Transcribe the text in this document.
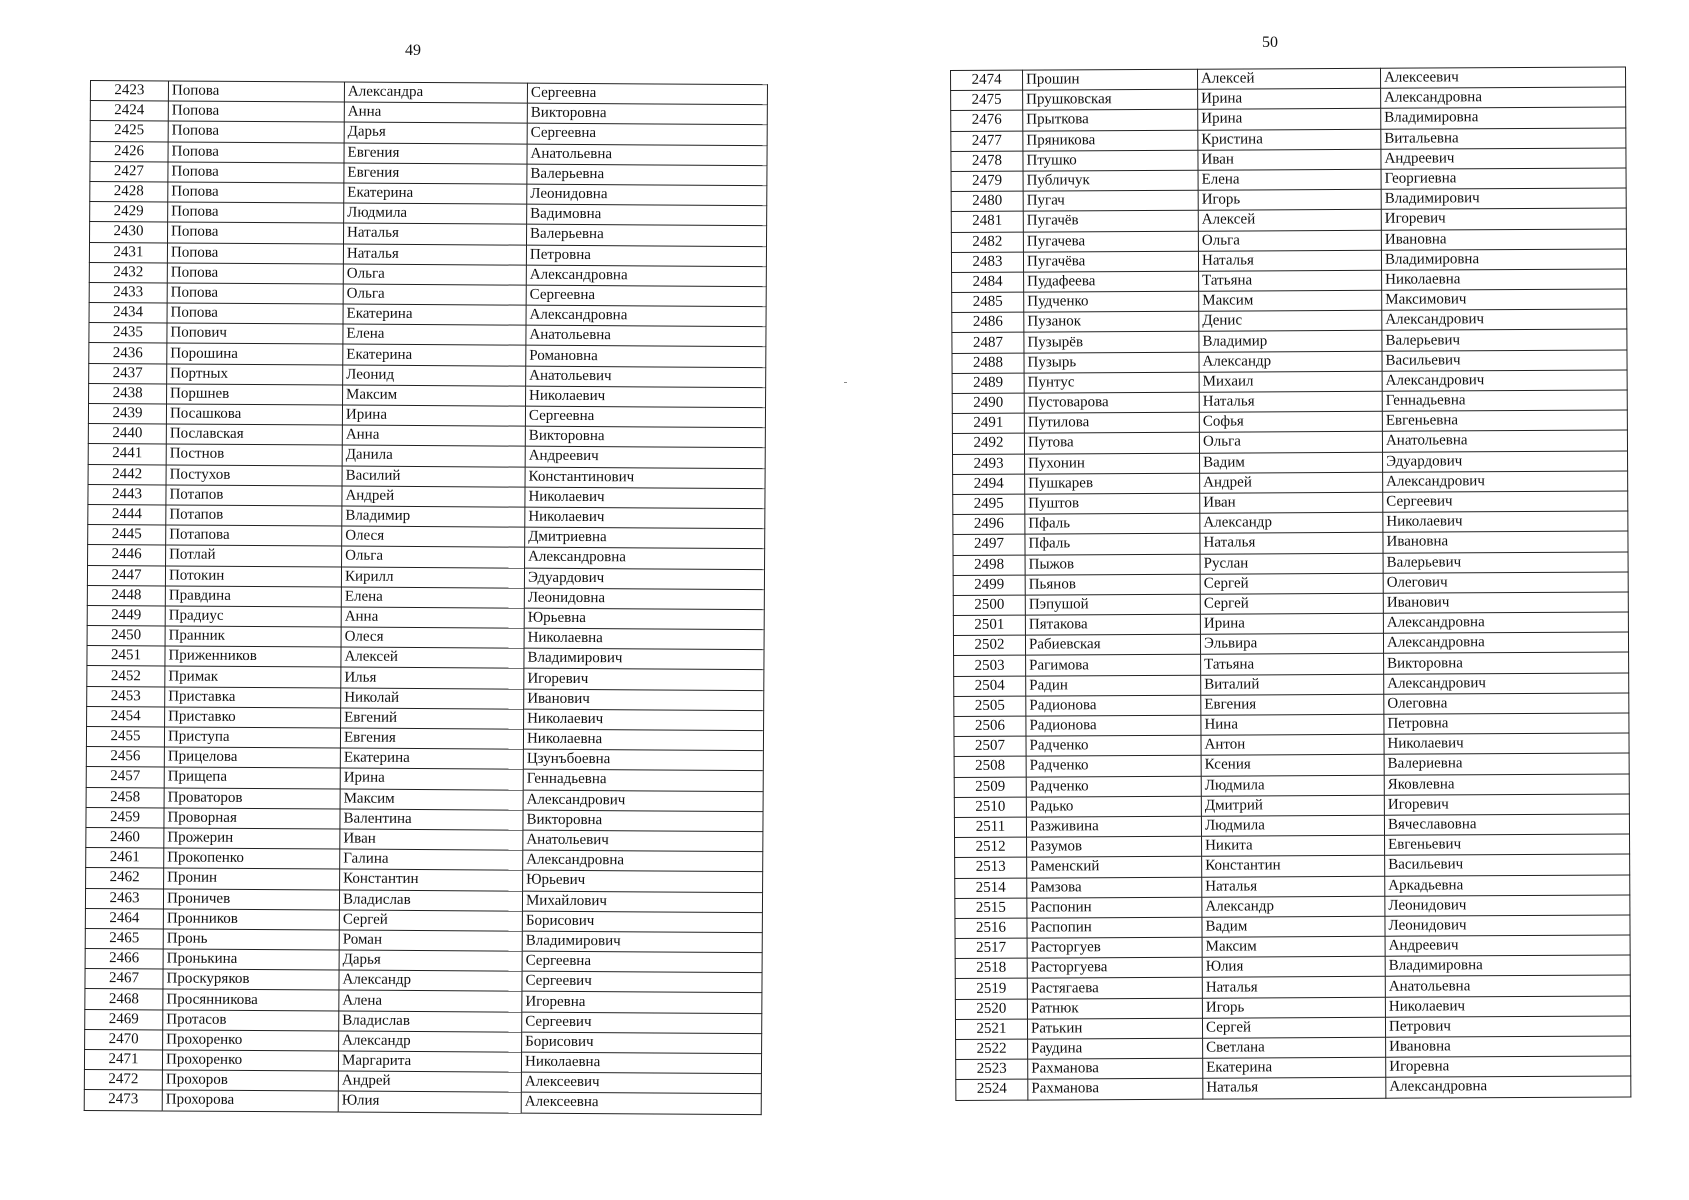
49	50
2423	Попова	Александра	Сергеевна
2424	Попова	Анна	Викторовна
2425	Попова	Дарья	Сергеевна
2426	Попова	Евгения	Анатольевна
2427	Попова	Евгения	Валерьевна
2428	Попова	Екатерина	Леонидовна
2429	Попова	Людмила	Вадимовна
2430	Попова	Наталья	Валерьевна
2431	Попова	Наталья	Петровна
2432	Попова	Ольга	Александровна
2433	Попова	Ольга	Сергеевна
2434	Попова	Екатерина	Александровна
2435	Попович	Елена	Анатольевна
2436	Порошина	Екатерина	Романовна
2437	Портных	Леонид	Анатольевич
2438	Поршнев	Максим	Николаевич
2439	Посашкова	Ирина	Сергеевна
2440	Пославская	Анна	Викторовна
2441	Постнов	Данила	Андреевич
2442	Постухов	Василий	Константинович
2443	Потапов	Андрей	Николаевич
2444	Потапов	Владимир	Николаевич
2445	Потапова	Олеся	Дмитриевна
2446	Потлай	Ольга	Александровна
2447	Потокин	Кирилл	Эдуардович
2448	Правдина	Елена	Леонидовна
2449	Прадиус	Анна	Юрьевна
2450	Пранник	Олеся	Николаевна
2451	Приженников	Алексей	Владимирович
2452	Примак	Илья	Игоревич
2453	Приставка	Николай	Иванович
2454	Приставко	Евгений	Николаевич
2455	Приступа	Евгения	Николаевна
2456	Прицелова	Екатерина	Цзунъбоевна
2457	Прищепа	Ирина	Геннадьевна
2458	Проваторов	Максим	Александрович
2459	Проворная	Валентина	Викторовна
2460	Прожерин	Иван	Анатольевич
2461	Прокопенко	Галина	Александровна
2462	Пронин	Константин	Юрьевич
2463	Проничев	Владислав	Михайлович
2464	Пронников	Сергей	Борисович
2465	Пронь	Роман	Владимирович
2466	Пронькина	Дарья	Сергеевна
2467	Проскуряков	Александр	Сергеевич
2468	Просянникова	Алена	Игоревна
2469	Протасов	Владислав	Сергеевич
2470	Прохоренко	Александр	Борисович
2471	Прохоренко	Маргарита	Николаевна
2472	Прохоров	Андрей	Алексеевич
2473	Прохорова	Юлия	Алексеевна
2474	Прошин	Алексей	Алексеевич
2475	Прушковская	Ирина	Александровна
2476	Прыткова	Ирина	Владимировна
2477	Пряникова	Кристина	Витальевна
2478	Птушко	Иван	Андреевич
2479	Публичук	Елена	Георгиевна
2480	Пугач	Игорь	Владимирович
2481	Пугачёв	Алексей	Игоревич
2482	Пугачева	Ольга	Ивановна
2483	Пугачёва	Наталья	Владимировна
2484	Пудафеева	Татьяна	Николаевна
2485	Пудченко	Максим	Максимович
2486	Пузанок	Денис	Александрович
2487	Пузырёв	Владимир	Валерьевич
2488	Пузырь	Александр	Васильевич
2489	Пунтус	Михаил	Александрович
2490	Пустоварова	Наталья	Геннадьевна
2491	Путилова	Софья	Евгеньевна
2492	Путова	Ольга	Анатольевна
2493	Пухонин	Вадим	Эдуардович
2494	Пушкарев	Андрей	Александрович
2495	Пуштов	Иван	Сергеевич
2496	Пфаль	Александр	Николаевич
2497	Пфаль	Наталья	Ивановна
2498	Пыжов	Руслан	Валерьевич
2499	Пьянов	Сергей	Олегович
2500	Пэпушой	Сергей	Иванович
2501	Пятакова	Ирина	Александровна
2502	Рабиевская	Эльвира	Александровна
2503	Рагимова	Татьяна	Викторовна
2504	Радин	Виталий	Александрович
2505	Радионова	Евгения	Олеговна
2506	Радионова	Нина	Петровна
2507	Радченко	Антон	Николаевич
2508	Радченко	Ксения	Валериевна
2509	Радченко	Людмила	Яковлевна
2510	Радько	Дмитрий	Игоревич
2511	Разживина	Людмила	Вячеславовна
2512	Разумов	Никита	Евгеньевич
2513	Раменский	Константин	Васильевич
2514	Рамзова	Наталья	Аркадьевна
2515	Распонин	Александр	Леонидович
2516	Распопин	Вадим	Леонидович
2517	Расторгуев	Максим	Андреевич
2518	Расторгуева	Юлия	Владимировна
2519	Растягаева	Наталья	Анатольевна
2520	Ратнюк	Игорь	Николаевич
2521	Ратькин	Сергей	Петрович
2522	Раудина	Светлана	Ивановна
2523	Рахманова	Екатерина	Игоревна
2524	Рахманова	Наталья	Александровна
